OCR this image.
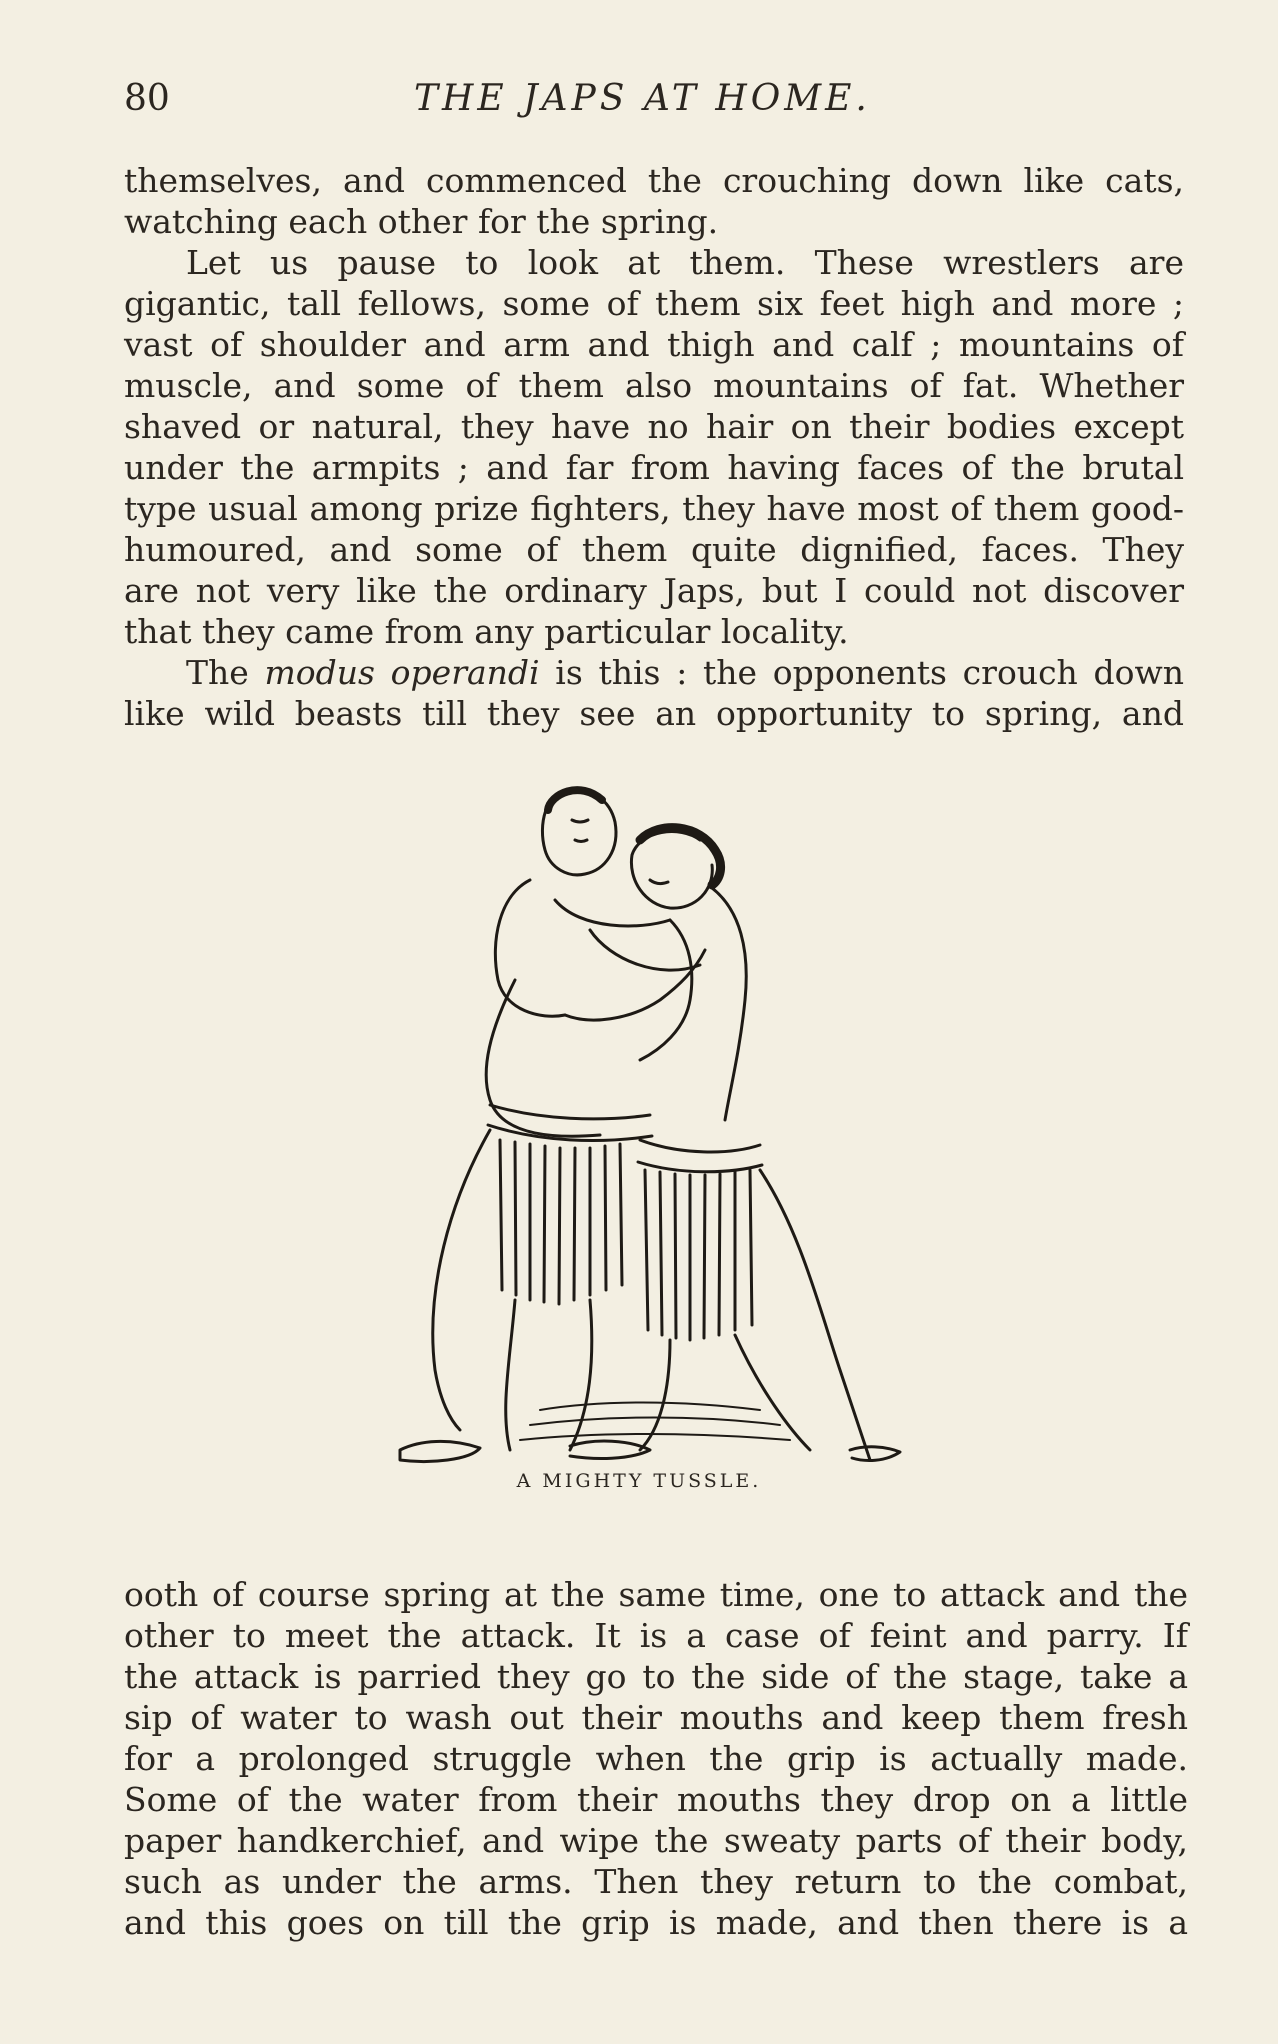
80	THE JAPS AT HOME.
themselves, and commenced the crouching down like cats,
watching each other for the spring.
Let us pause to look at them. These wrestlers are
gigantic, tall fellows, some of them six feet high and more ;
vast of shoulder and arm and thigh and calf ; mountains of
muscle, and some of them also mountains of fat. Whether
shaved or natural, they have no hair on their bodies except
under the armpits ; and far from having faces of the brutal
type usual among prize fighters, they have most of them good-
humoured, and some of them quite dignified, faces. They
are not very like the ordinary Japs, but I could not discover
that they came from any particular locality.
The modus operandi is this : the opponents crouch down
like wild beasts till they see an opportunity to spring, and
A MIGHTY TUSSLE.
ooth of course spring at the same time, one to attack and the
other to meet the attack. It is a case of feint and parry. If
the attack is parried they go to the side of the stage, take a
sip of water to wash out their mouths and keep them fresh
for a prolonged struggle when the grip is actually made.
Some of the water from their mouths they drop on a little
paper handkerchief, and wipe the sweaty parts of their body,
such as under the arms. Then they return to the combat,
and this goes on till the grip is made, and then there is a
